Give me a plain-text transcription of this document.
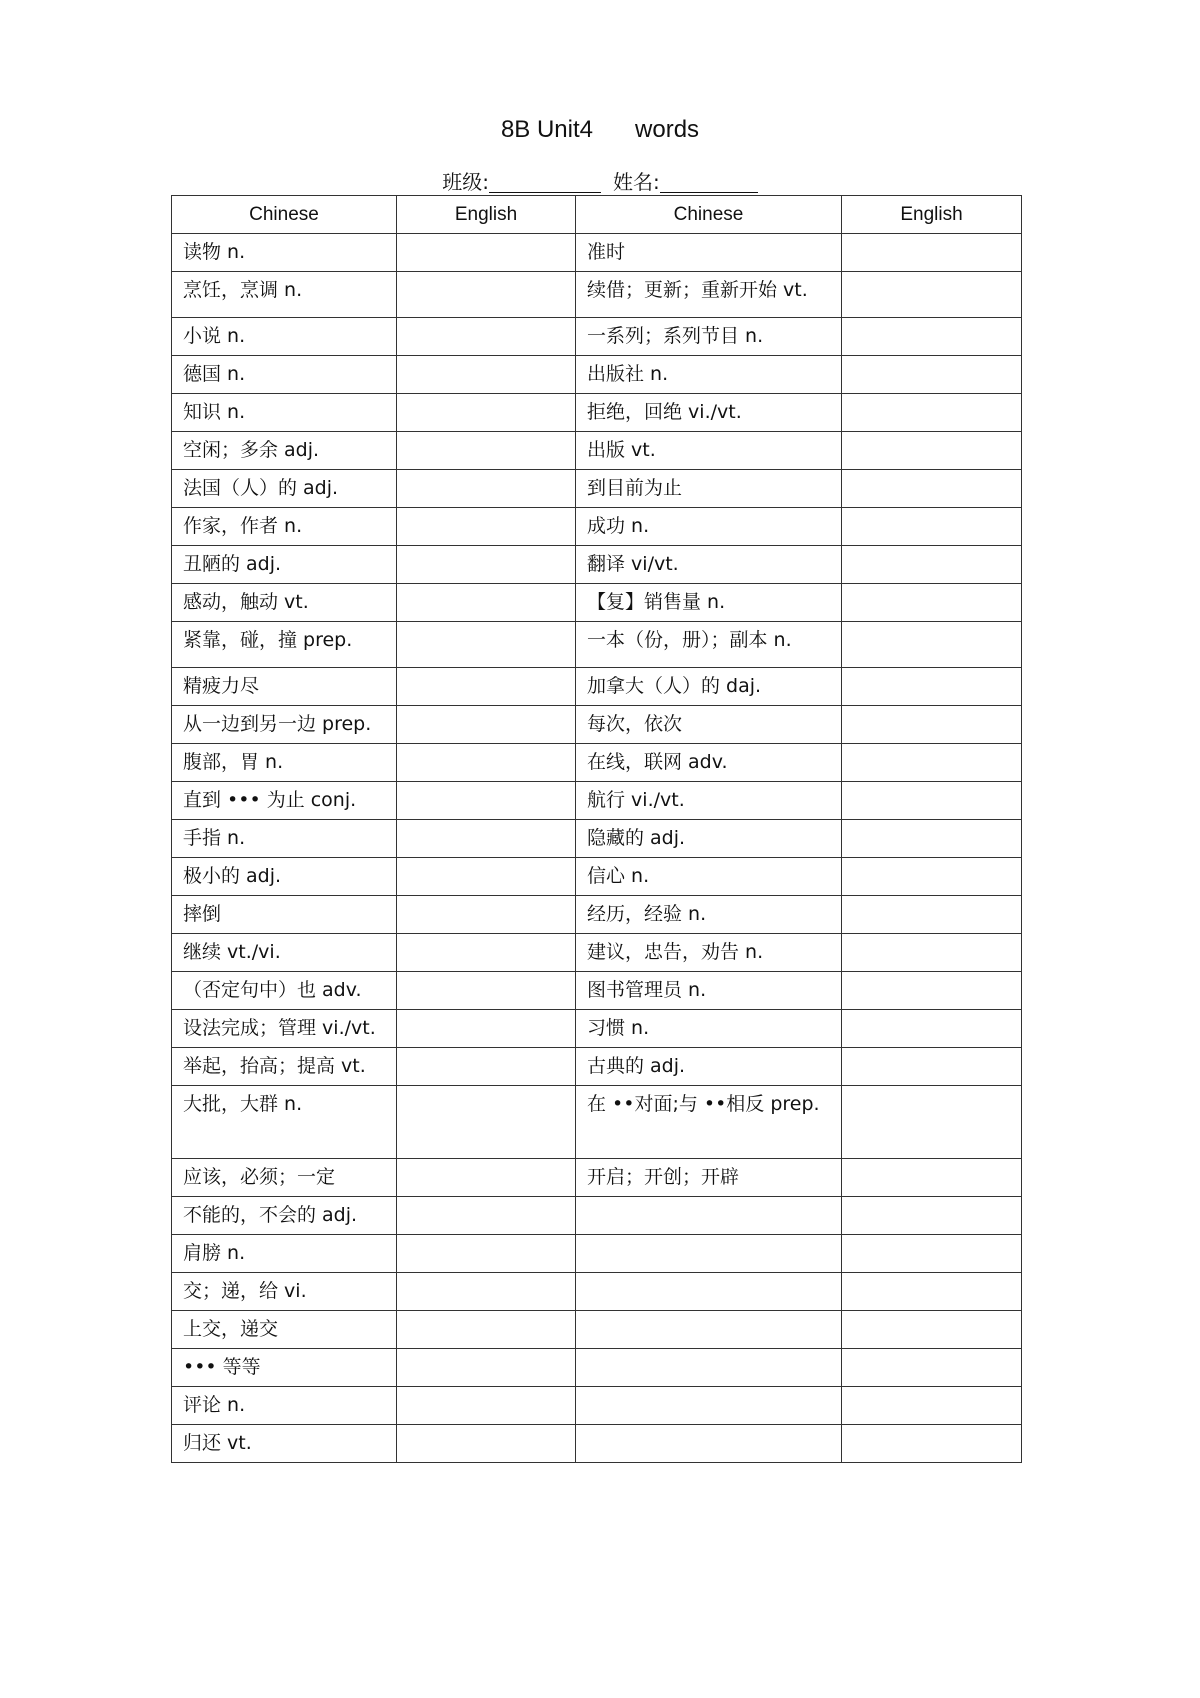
8B Unit4 words
班级:	姓名:
Chinese	English	Chinese	English
读物 n.		准时	
烹饪，烹调 n.		续借；更新；重新开始 vt.	
小说 n.		一系列；系列节目 n.	
德国 n.		出版社 n.	
知识 n.		拒绝，回绝 vi./vt.	
空闲；多余 adj.		出版 vt.	
法国（人）的 adj.		到目前为止	
作家，作者 n.		成功 n.	
丑陋的 adj.		翻译 vi/vt.	
感动，触动 vt.		【复】销售量 n.	
紧靠，碰，撞 prep.		一本（份，册）；副本 n.	
精疲力尽		加拿大（人）的 daj.	
从一边到另一边 prep.		每次，依次	
腹部，胃 n.		在线，联网 adv.	
直到 ••• 为止 conj.		航行 vi./vt.	
手指 n.		隐藏的 adj.	
极小的 adj.		信心 n.	
摔倒		经历，经验 n.	
继续 vt./vi.		建议，忠告，劝告 n.	
（否定句中）也 adv.		图书管理员 n.	
设法完成；管理 vi./vt.		习惯 n.	
举起，抬高；提高 vt.		古典的 adj.	
大批，大群 n.		在 ••对面;与 ••相反 prep.	
应该，必须；一定		开启；开创；开辟	
不能的，不会的 adj.			
肩膀 n.			
交；递，给 vi.			
上交，递交			
••• 等等			
评论 n.			
归还 vt.			
